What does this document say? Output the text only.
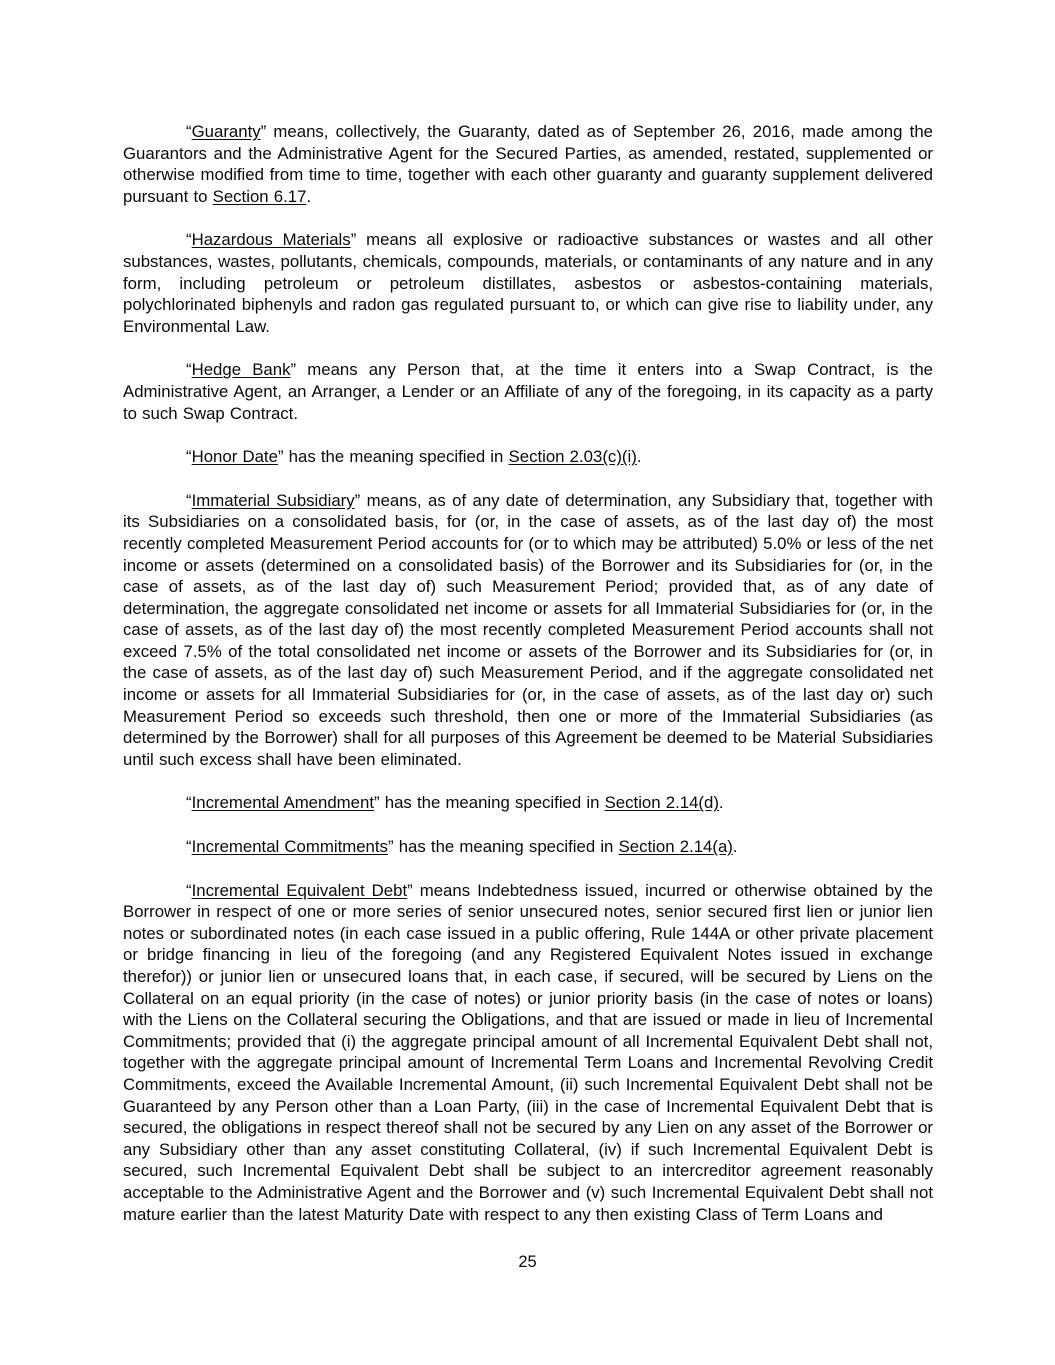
“Guaranty” means, collectively, the Guaranty, dated as of September 26, 2016, made among the Guarantors and the Administrative Agent for the Secured Parties, as amended, restated, supplemented or otherwise modified from time to time, together with each other guaranty and guaranty supplement delivered pursuant to Section 6.17.

“Hazardous Materials” means all explosive or radioactive substances or wastes and all other substances, wastes, pollutants, chemicals, compounds, materials, or contaminants of any nature and in any form, including petroleum or petroleum distillates, asbestos or asbestos-containing materials, polychlorinated biphenyls and radon gas regulated pursuant to, or which can give rise to liability under, any Environmental Law.

“Hedge Bank” means any Person that, at the time it enters into a Swap Contract, is the Administrative Agent, an Arranger, a Lender or an Affiliate of any of the foregoing, in its capacity as a party to such Swap Contract.

“Honor Date” has the meaning specified in Section 2.03(c)(i).

“Immaterial Subsidiary” means, as of any date of determination, any Subsidiary that, together with its Subsidiaries on a consolidated basis, for (or, in the case of assets, as of the last day of) the most recently completed Measurement Period accounts for (or to which may be attributed) 5.0% or less of the net income or assets (determined on a consolidated basis) of the Borrower and its Subsidiaries for (or, in the case of assets, as of the last day of) such Measurement Period; provided that, as of any date of determination, the aggregate consolidated net income or assets for all Immaterial Subsidiaries for (or, in the case of assets, as of the last day of) the most recently completed Measurement Period accounts shall not exceed 7.5% of the total consolidated net income or assets of the Borrower and its Subsidiaries for (or, in the case of assets, as of the last day of) such Measurement Period, and if the aggregate consolidated net income or assets for all Immaterial Subsidiaries for (or, in the case of assets, as of the last day or) such Measurement Period so exceeds such threshold, then one or more of the Immaterial Subsidiaries (as determined by the Borrower) shall for all purposes of this Agreement be deemed to be Material Subsidiaries until such excess shall have been eliminated.

“Incremental Amendment” has the meaning specified in Section 2.14(d).

“Incremental Commitments” has the meaning specified in Section 2.14(a).

“Incremental Equivalent Debt” means Indebtedness issued, incurred or otherwise obtained by the Borrower in respect of one or more series of senior unsecured notes, senior secured first lien or junior lien notes or subordinated notes (in each case issued in a public offering, Rule 144A or other private placement or bridge financing in lieu of the foregoing (and any Registered Equivalent Notes issued in exchange therefor)) or junior lien or unsecured loans that, in each case, if secured, will be secured by Liens on the Collateral on an equal priority (in the case of notes) or junior priority basis (in the case of notes or loans) with the Liens on the Collateral securing the Obligations, and that are issued or made in lieu of Incremental Commitments; provided that (i) the aggregate principal amount of all Incremental Equivalent Debt shall not, together with the aggregate principal amount of Incremental Term Loans and Incremental Revolving Credit Commitments, exceed the Available Incremental Amount, (ii) such Incremental Equivalent Debt shall not be Guaranteed by any Person other than a Loan Party, (iii) in the case of Incremental Equivalent Debt that is secured, the obligations in respect thereof shall not be secured by any Lien on any asset of the Borrower or any Subsidiary other than any asset constituting Collateral, (iv) if such Incremental Equivalent Debt is secured, such Incremental Equivalent Debt shall be subject to an intercreditor agreement reasonably acceptable to the Administrative Agent and the Borrower and (v) such Incremental Equivalent Debt shall not mature earlier than the latest Maturity Date with respect to any then existing Class of Term Loans and

25
